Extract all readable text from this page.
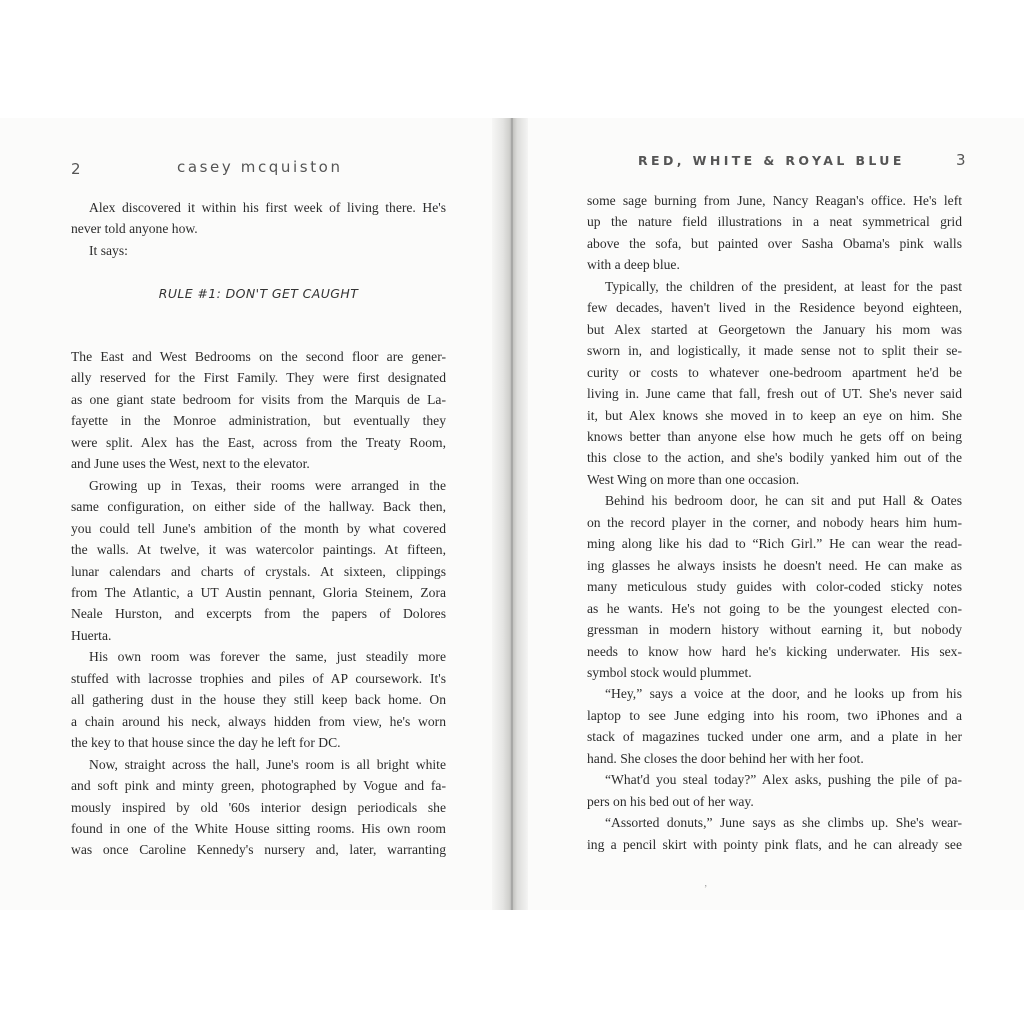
2	casey mcquiston	RED, WHITE & ROYAL BLUE	3

Alex discovered it within his first week of living there. He's

never told anyone how.

It says:

RULE #1: DON'T GET CAUGHT

The East and West Bedrooms on the second floor are gener-

ally reserved for the First Family. They were first designated

as one giant state bedroom for visits from the Marquis de La-

fayette in the Monroe administration, but eventually they

were split. Alex has the East, across from the Treaty Room,

and June uses the West, next to the elevator.

Growing up in Texas, their rooms were arranged in the

same configuration, on either side of the hallway. Back then,

you could tell June's ambition of the month by what covered

the walls. At twelve, it was watercolor paintings. At fifteen,

lunar calendars and charts of crystals. At sixteen, clippings

from The Atlantic, a UT Austin pennant, Gloria Steinem, Zora

Neale Hurston, and excerpts from the papers of Dolores

Huerta.

His own room was forever the same, just steadily more

stuffed with lacrosse trophies and piles of AP coursework. It's

all gathering dust in the house they still keep back home. On

a chain around his neck, always hidden from view, he's worn

the key to that house since the day he left for DC.

Now, straight across the hall, June's room is all bright white

and soft pink and minty green, photographed by Vogue and fa-

mously inspired by old '60s interior design periodicals she

found in one of the White House sitting rooms. His own room

was once Caroline Kennedy's nursery and, later, warranting

some sage burning from June, Nancy Reagan's office. He's left

up the nature field illustrations in a neat symmetrical grid

above the sofa, but painted over Sasha Obama's pink walls

with a deep blue.

Typically, the children of the president, at least for the past

few decades, haven't lived in the Residence beyond eighteen,

but Alex started at Georgetown the January his mom was

sworn in, and logistically, it made sense not to split their se-

curity or costs to whatever one-bedroom apartment he'd be

living in. June came that fall, fresh out of UT. She's never said

it, but Alex knows she moved in to keep an eye on him. She

knows better than anyone else how much he gets off on being

this close to the action, and she's bodily yanked him out of the

West Wing on more than one occasion.

Behind his bedroom door, he can sit and put Hall & Oates

on the record player in the corner, and nobody hears him hum-

ming along like his dad to “Rich Girl.” He can wear the read-

ing glasses he always insists he doesn't need. He can make as

many meticulous study guides with color-coded sticky notes

as he wants. He's not going to be the youngest elected con-

gressman in modern history without earning it, but nobody

needs to know how hard he's kicking underwater. His sex-

symbol stock would plummet.

“Hey,” says a voice at the door, and he looks up from his

laptop to see June edging into his room, two iPhones and a

stack of magazines tucked under one arm, and a plate in her

hand. She closes the door behind her with her foot.

“What'd you steal today?” Alex asks, pushing the pile of pa-

pers on his bed out of her way.

“Assorted donuts,” June says as she climbs up. She's wear-

ing a pencil skirt with pointy pink flats, and he can already see

’
